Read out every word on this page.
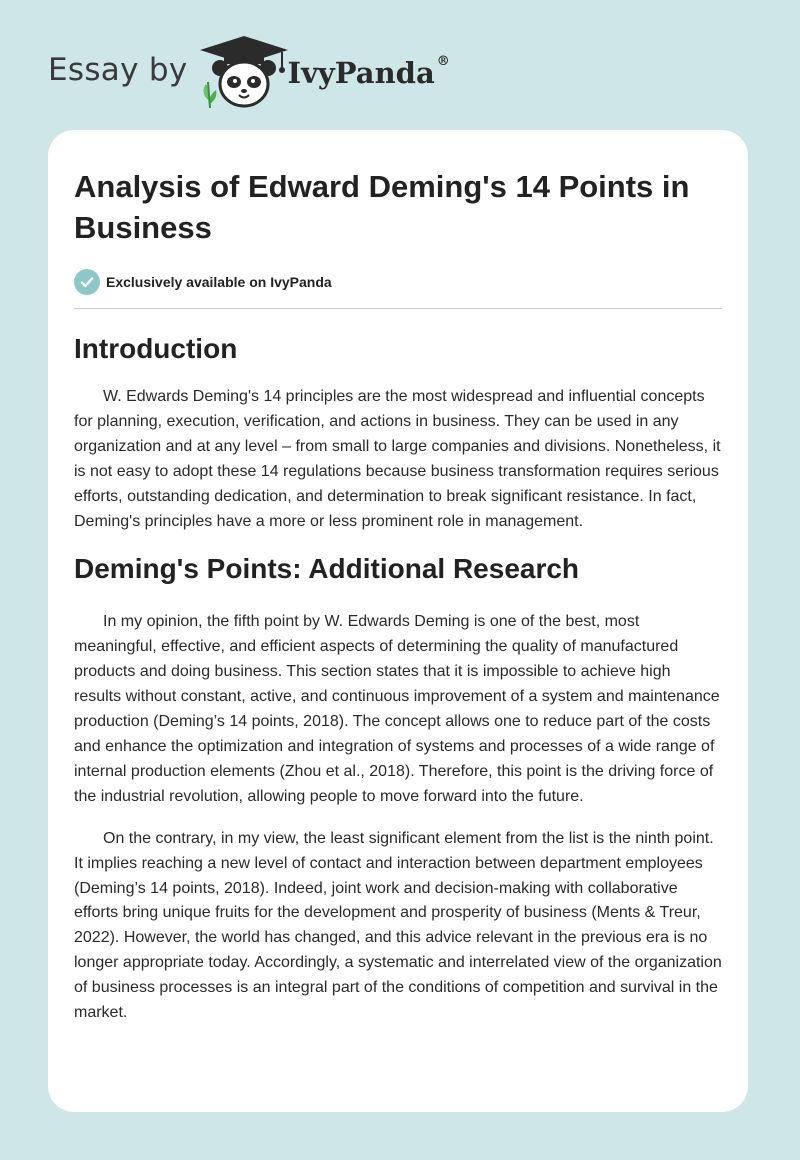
Essay by	IvyPanda ®
Analysis of Edward Deming's 14 Points in Business
Exclusively available on IvyPanda
Introduction

W. Edwards Deming's 14 principles are the most widespread and influential concepts for planning, execution, verification, and actions in business. They can be used in any organization and at any level – from small to large companies and divisions. Nonetheless, it is not easy to adopt these 14 regulations because business transformation requires serious efforts, outstanding dedication, and determination to break significant resistance. In fact, Deming's principles have a more or less prominent role in management.

Deming's Points: Additional Research

In my opinion, the fifth point by W. Edwards Deming is one of the best, most meaningful, effective, and efficient aspects of determining the quality of manufactured products and doing business. This section states that it is impossible to achieve high results without constant, active, and continuous improvement of a system and maintenance production (Deming’s 14 points, 2018). The concept allows one to reduce part of the costs and enhance the optimization and integration of systems and processes of a wide range of internal production elements (Zhou et al., 2018). Therefore, this point is the driving force of the industrial revolution, allowing people to move forward into the future.

On the contrary, in my view, the least significant element from the list is the ninth point. It implies reaching a new level of contact and interaction between department employees (Deming’s 14 points, 2018). Indeed, joint work and decision-making with collaborative efforts bring unique fruits for the development and prosperity of business (Ments & Treur, 2022). However, the world has changed, and this advice relevant in the previous era is no longer appropriate today. Accordingly, a systematic and interrelated view of the organization of business processes is an integral part of the conditions of competition and survival in the market.
